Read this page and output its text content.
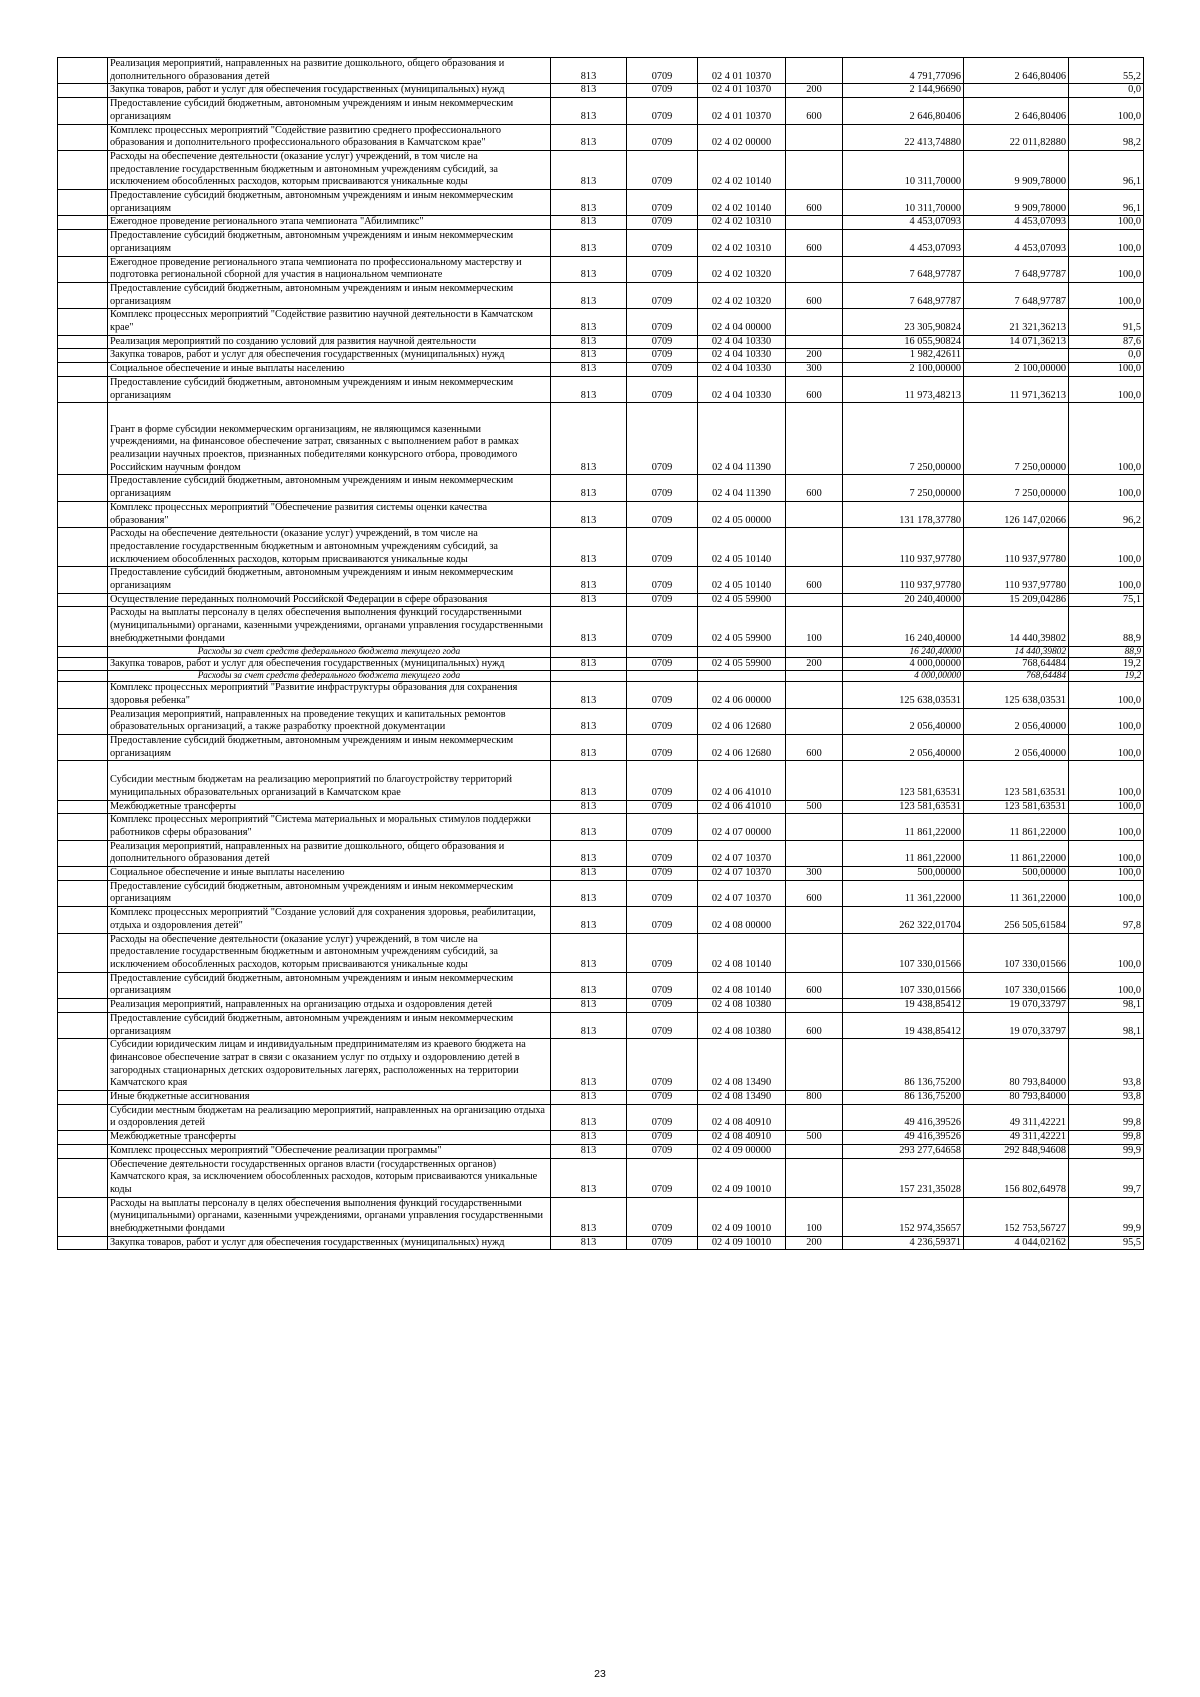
	Реализация мероприятий, направленных на развитие дошкольного, общего образования и дополнительного образования детей	813	0709	02 4 01 10370		4 791,77096	2 646,80406	55,2
	Закупка товаров, работ и услуг для обеспечения государственных (муниципальных) нужд	813	0709	02 4 01 10370	200	2 144,96690		0,0
	Предоставление субсидий бюджетным, автономным учреждениям и иным некоммерческим организациям	813	0709	02 4 01 10370	600	2 646,80406	2 646,80406	100,0
	Комплекс процессных мероприятий "Содействие развитию среднего профессионального образования и дополнительного профессионального образования в Камчатском крае"	813	0709	02 4 02 00000		22 413,74880	22 011,82880	98,2
	Расходы на обеспечение деятельности (оказание услуг) учреждений, в том числе на предоставление государственным бюджетным и автономным учреждениям субсидий, за исключением обособленных расходов, которым присваиваются уникальные коды	813	0709	02 4 02 10140		10 311,70000	9 909,78000	96,1
	Предоставление субсидий бюджетным, автономным учреждениям и иным некоммерческим организациям	813	0709	02 4 02 10140	600	10 311,70000	9 909,78000	96,1
	Ежегодное проведение регионального этапа чемпионата "Абилимпикс"	813	0709	02 4 02 10310		4 453,07093	4 453,07093	100,0
	Предоставление субсидий бюджетным, автономным учреждениям и иным некоммерческим организациям	813	0709	02 4 02 10310	600	4 453,07093	4 453,07093	100,0
	Ежегодное проведение регионального этапа чемпионата по профессиональному мастерству и подготовка региональной сборной для участия в национальном чемпионате	813	0709	02 4 02 10320		7 648,97787	7 648,97787	100,0
	Предоставление субсидий бюджетным, автономным учреждениям и иным некоммерческим организациям	813	0709	02 4 02 10320	600	7 648,97787	7 648,97787	100,0
	Комплекс процессных мероприятий "Содействие развитию научной деятельности в Камчатском крае"	813	0709	02 4 04 00000		23 305,90824	21 321,36213	91,5
	Реализация мероприятий по созданию условий для развития научной деятельности	813	0709	02 4 04 10330		16 055,90824	14 071,36213	87,6
	Закупка товаров, работ и услуг для обеспечения государственных (муниципальных) нужд	813	0709	02 4 04 10330	200	1 982,42611		0,0
	Социальное обеспечение и иные выплаты населению	813	0709	02 4 04 10330	300	2 100,00000	2 100,00000	100,0
	Предоставление субсидий бюджетным, автономным учреждениям и иным некоммерческим организациям	813	0709	02 4 04 10330	600	11 973,48213	11 971,36213	100,0
	Грант в форме субсидии некоммерческим организациям, не являющимся казенными учреждениями, на финансовое обеспечение затрат, связанных с выполнением работ в рамках реализации научных проектов, признанных победителями конкурсного отбора, проводимого Российским научным фондом	813	0709	02 4 04 11390		7 250,00000	7 250,00000	100,0
	Предоставление субсидий бюджетным, автономным учреждениям и иным некоммерческим организациям	813	0709	02 4 04 11390	600	7 250,00000	7 250,00000	100,0
	Комплекс процессных мероприятий "Обеспечение развития системы оценки качества образования"	813	0709	02 4 05 00000		131 178,37780	126 147,02066	96,2
	Расходы на обеспечение деятельности (оказание услуг) учреждений, в том числе на предоставление государственным бюджетным и автономным учреждениям субсидий, за исключением обособленных расходов, которым присваиваются уникальные коды	813	0709	02 4 05 10140		110 937,97780	110 937,97780	100,0
	Предоставление субсидий бюджетным, автономным учреждениям и иным некоммерческим организациям	813	0709	02 4 05 10140	600	110 937,97780	110 937,97780	100,0
	Осуществление переданных полномочий Российской Федерации в сфере образования	813	0709	02 4 05 59900		20 240,40000	15 209,04286	75,1
	Расходы на выплаты персоналу в целях обеспечения выполнения функций государственными (муниципальными) органами, казенными учреждениями, органами управления государственными внебюджетными фондами	813	0709	02 4 05 59900	100	16 240,40000	14 440,39802	88,9
	Расходы за счет средств федерального бюджета текущего года					16 240,40000	14 440,39802	88,9
	Закупка товаров, работ и услуг для обеспечения государственных (муниципальных) нужд	813	0709	02 4 05 59900	200	4 000,00000	768,64484	19,2
	Расходы за счет средств федерального бюджета текущего года					4 000,00000	768,64484	19,2
	Комплекс процессных мероприятий "Развитие инфраструктуры образования для сохранения здоровья ребенка"	813	0709	02 4 06 00000		125 638,03531	125 638,03531	100,0
	Реализация мероприятий, направленных на проведение текущих и капитальных ремонтов образовательных организаций, а также разработку проектной документации	813	0709	02 4 06 12680		2 056,40000	2 056,40000	100,0
	Предоставление субсидий бюджетным, автономным учреждениям и иным некоммерческим организациям	813	0709	02 4 06 12680	600	2 056,40000	2 056,40000	100,0
	Субсидии местным бюджетам на реализацию мероприятий по благоустройству территорий муниципальных образовательных организаций в Камчатском крае	813	0709	02 4 06 41010		123 581,63531	123 581,63531	100,0
	Межбюджетные трансферты	813	0709	02 4 06 41010	500	123 581,63531	123 581,63531	100,0
	Комплекс процессных мероприятий "Система материальных и моральных стимулов поддержки работников сферы образования"	813	0709	02 4 07 00000		11 861,22000	11 861,22000	100,0
	Реализация мероприятий, направленных на развитие дошкольного, общего образования и дополнительного образования детей	813	0709	02 4 07 10370		11 861,22000	11 861,22000	100,0
	Социальное обеспечение и иные выплаты населению	813	0709	02 4 07 10370	300	500,00000	500,00000	100,0
	Предоставление субсидий бюджетным, автономным учреждениям и иным некоммерческим организациям	813	0709	02 4 07 10370	600	11 361,22000	11 361,22000	100,0
	Комплекс процессных мероприятий "Создание условий для сохранения здоровья, реабилитации, отдыха и оздоровления детей"	813	0709	02 4 08 00000		262 322,01704	256 505,61584	97,8
	Расходы на обеспечение деятельности (оказание услуг) учреждений, в том числе на предоставление государственным бюджетным и автономным учреждениям субсидий, за исключением обособленных расходов, которым присваиваются уникальные коды	813	0709	02 4 08 10140		107 330,01566	107 330,01566	100,0
	Предоставление субсидий бюджетным, автономным учреждениям и иным некоммерческим организациям	813	0709	02 4 08 10140	600	107 330,01566	107 330,01566	100,0
	Реализация мероприятий, направленных на организацию отдыха и оздоровления детей	813	0709	02 4 08 10380		19 438,85412	19 070,33797	98,1
	Предоставление субсидий бюджетным, автономным учреждениям и иным некоммерческим организациям	813	0709	02 4 08 10380	600	19 438,85412	19 070,33797	98,1
	Субсидии юридическим лицам и индивидуальным предпринимателям из краевого бюджета на финансовое обеспечение затрат в связи с оказанием услуг по отдыху и оздоровлению детей в загородных стационарных детских оздоровительных лагерях, расположенных на территории Камчатского края	813	0709	02 4 08 13490		86 136,75200	80 793,84000	93,8
	Иные бюджетные ассигнования	813	0709	02 4 08 13490	800	86 136,75200	80 793,84000	93,8
	Субсидии местным бюджетам на реализацию мероприятий, направленных на организацию отдыха и оздоровления детей	813	0709	02 4 08 40910		49 416,39526	49 311,42221	99,8
	Межбюджетные трансферты	813	0709	02 4 08 40910	500	49 416,39526	49 311,42221	99,8
	Комплекс процессных мероприятий "Обеспечение реализации программы"	813	0709	02 4 09 00000		293 277,64658	292 848,94608	99,9
	Обеспечение деятельности государственных органов власти (государственных органов) Камчатского края, за исключением обособленных расходов, которым присваиваются уникальные коды	813	0709	02 4 09 10010		157 231,35028	156 802,64978	99,7
	Расходы на выплаты персоналу в целях обеспечения выполнения функций государственными (муниципальными) органами, казенными учреждениями, органами управления государственными внебюджетными фондами	813	0709	02 4 09 10010	100	152 974,35657	152 753,56727	99,9
	Закупка товаров, работ и услуг для обеспечения государственных (муниципальных) нужд	813	0709	02 4 09 10010	200	4 236,59371	4 044,02162	95,5
23
